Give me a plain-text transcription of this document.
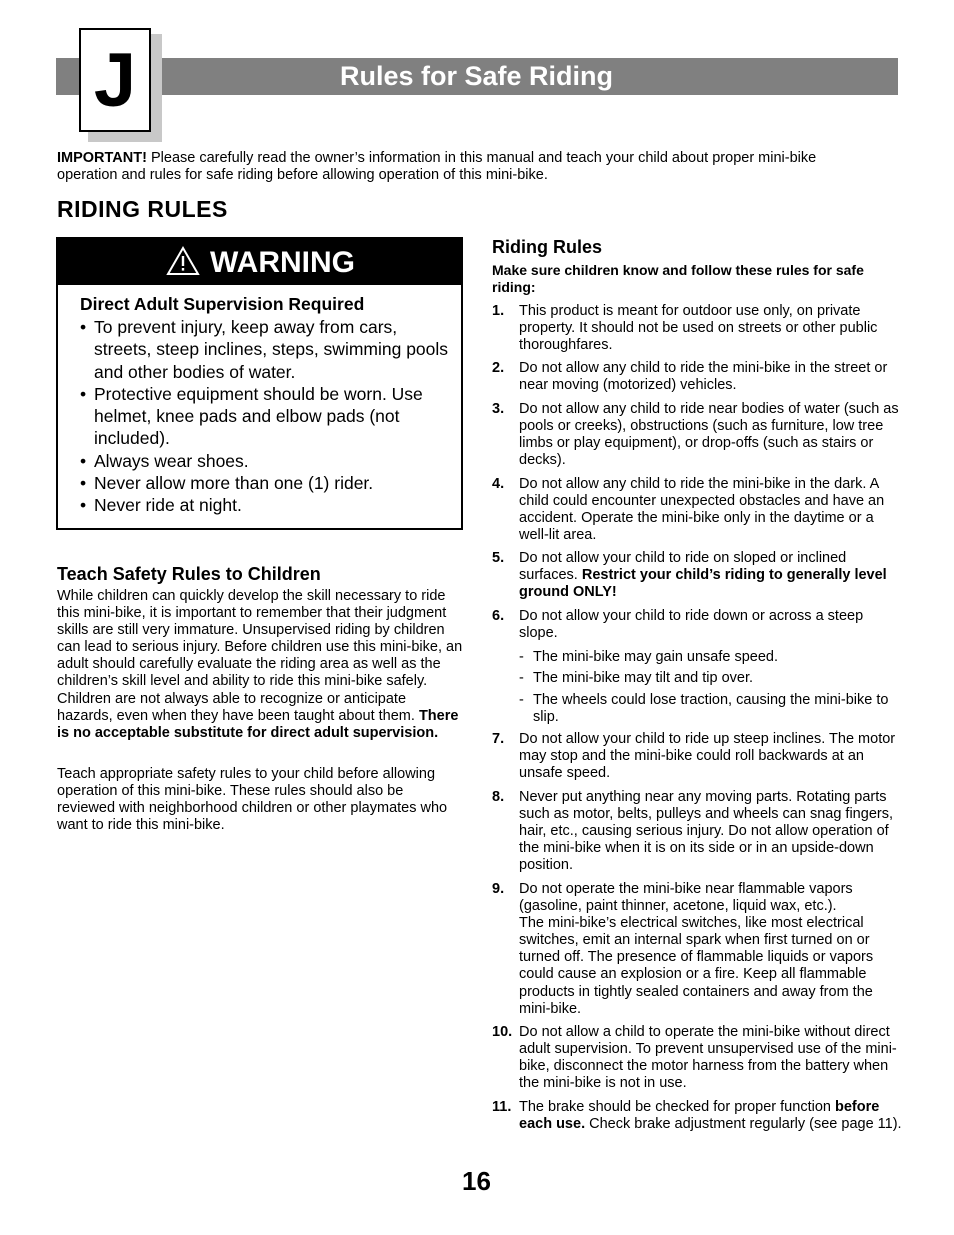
Rules for Safe Riding
J
IMPORTANT! Please carefully read the owner’s information in this manual and teach your child about proper mini-bike operation and rules for safe riding before allowing operation of this mini-bike.
RIDING RULES
WARNING
Direct Adult Supervision Required
• To prevent injury, keep away from cars, streets, steep inclines, steps, swimming pools and other bodies of water.
• Protective equipment should be worn. Use helmet, knee pads and elbow pads (not included).
• Always wear shoes.
• Never allow more than one (1) rider.
• Never ride at night.
Teach Safety Rules to Children
While children can quickly develop the skill necessary to ride this mini-bike, it is important to remember that their judgment skills are still very immature. Unsupervised riding by children can lead to serious injury. Before children use this mini-bike, an adult should carefully evaluate the riding area as well as the children’s skill level and ability to ride this mini-bike safely. Children are not always able to recognize or anticipate hazards, even when they have been taught about them. There is no acceptable substitute for direct adult supervision.
Teach appropriate safety rules to your child before allowing operation of this mini-bike. These rules should also be reviewed with neighborhood children or other playmates who want to ride this mini-bike.
Riding Rules
Make sure children know and follow these rules for safe riding:
1. This product is meant for outdoor use only, on private property. It should not be used on streets or other public thoroughfares.
2. Do not allow any child to ride the mini-bike in the street or near moving (motorized) vehicles.
3. Do not allow any child to ride near bodies of water (such as pools or creeks), obstructions (such as furniture, low tree limbs or play equipment), or drop-offs (such as stairs or decks).
4. Do not allow any child to ride the mini-bike in the dark. A child could encounter unexpected obstacles and have an accident. Operate the mini-bike only in the daytime or a well-lit area.
5. Do not allow your child to ride on sloped or inclined surfaces. Restrict your child’s riding to generally level ground ONLY!
6. Do not allow your child to ride down or across a steep slope.
- The mini-bike may gain unsafe speed.
- The mini-bike may tilt and tip over.
- The wheels could lose traction, causing the mini-bike to slip.
7. Do not allow your child to ride up steep inclines. The motor may stop and the mini-bike could roll backwards at an unsafe speed.
8. Never put anything near any moving parts. Rotating parts such as motor, belts, pulleys and wheels can snag fingers, hair, etc., causing serious injury. Do not allow operation of the mini-bike when it is on its side or in an upside-down position.
9. Do not operate the mini-bike near flammable vapors (gasoline, paint thinner, acetone, liquid wax, etc.).
The mini-bike’s electrical switches, like most electrical switches, emit an internal spark when first turned on or turned off. The presence of flammable liquids or vapors could cause an explosion or a fire. Keep all flammable products in tightly sealed containers and away from the mini-bike.
10. Do not allow a child to operate the mini-bike without direct adult supervision. To prevent unsupervised use of the mini-bike, disconnect the motor harness from the battery when the mini-bike is not in use.
11. The brake should be checked for proper function before each use. Check brake adjustment regularly (see page 11).
16
